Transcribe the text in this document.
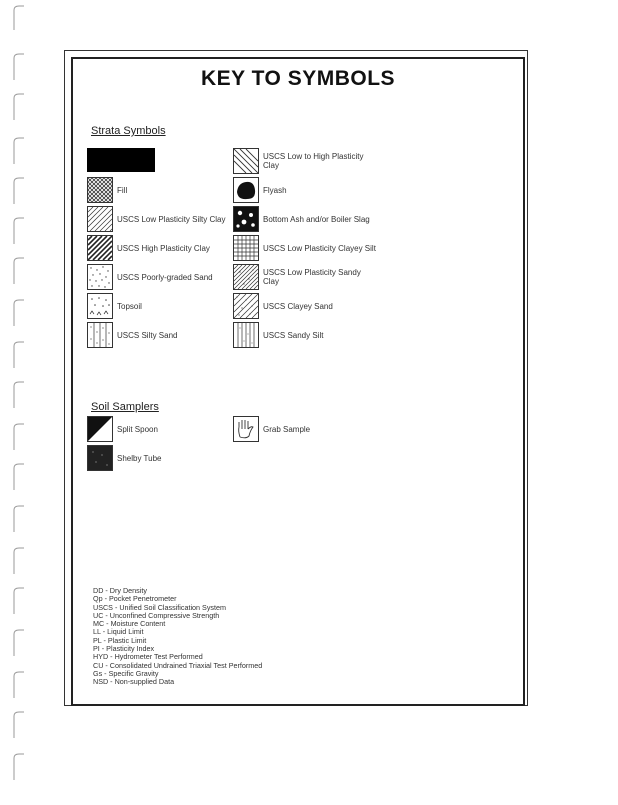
KEY TO SYMBOLS
Strata Symbols
Fill
USCS Low Plasticity Silty Clay
USCS High Plasticity Clay
USCS Poorly-graded Sand
Topsoil
USCS Silty Sand
USCS Low to High Plasticity Clay
Flyash
Bottom Ash and/or Boiler Slag
USCS Low Plasticity Clayey Silt
USCS Low Plasticity Sandy Clay
USCS Clayey Sand
USCS Sandy Silt
Soil Samplers
Split Spoon	Grab Sample
Shelby Tube
DD - Dry Density
Qp - Pocket Penetrometer
USCS - Unified Soil Classification System
UC - Unconfined Compressive Strength
MC - Moisture Content
LL - Liquid Limit
PL - Plastic Limit
PI - Plasticity Index
HYD - Hydrometer Test Performed
CU - Consolidated Undrained Triaxial Test Performed
Gs - Specific Gravity
NSD - Non-supplied Data
